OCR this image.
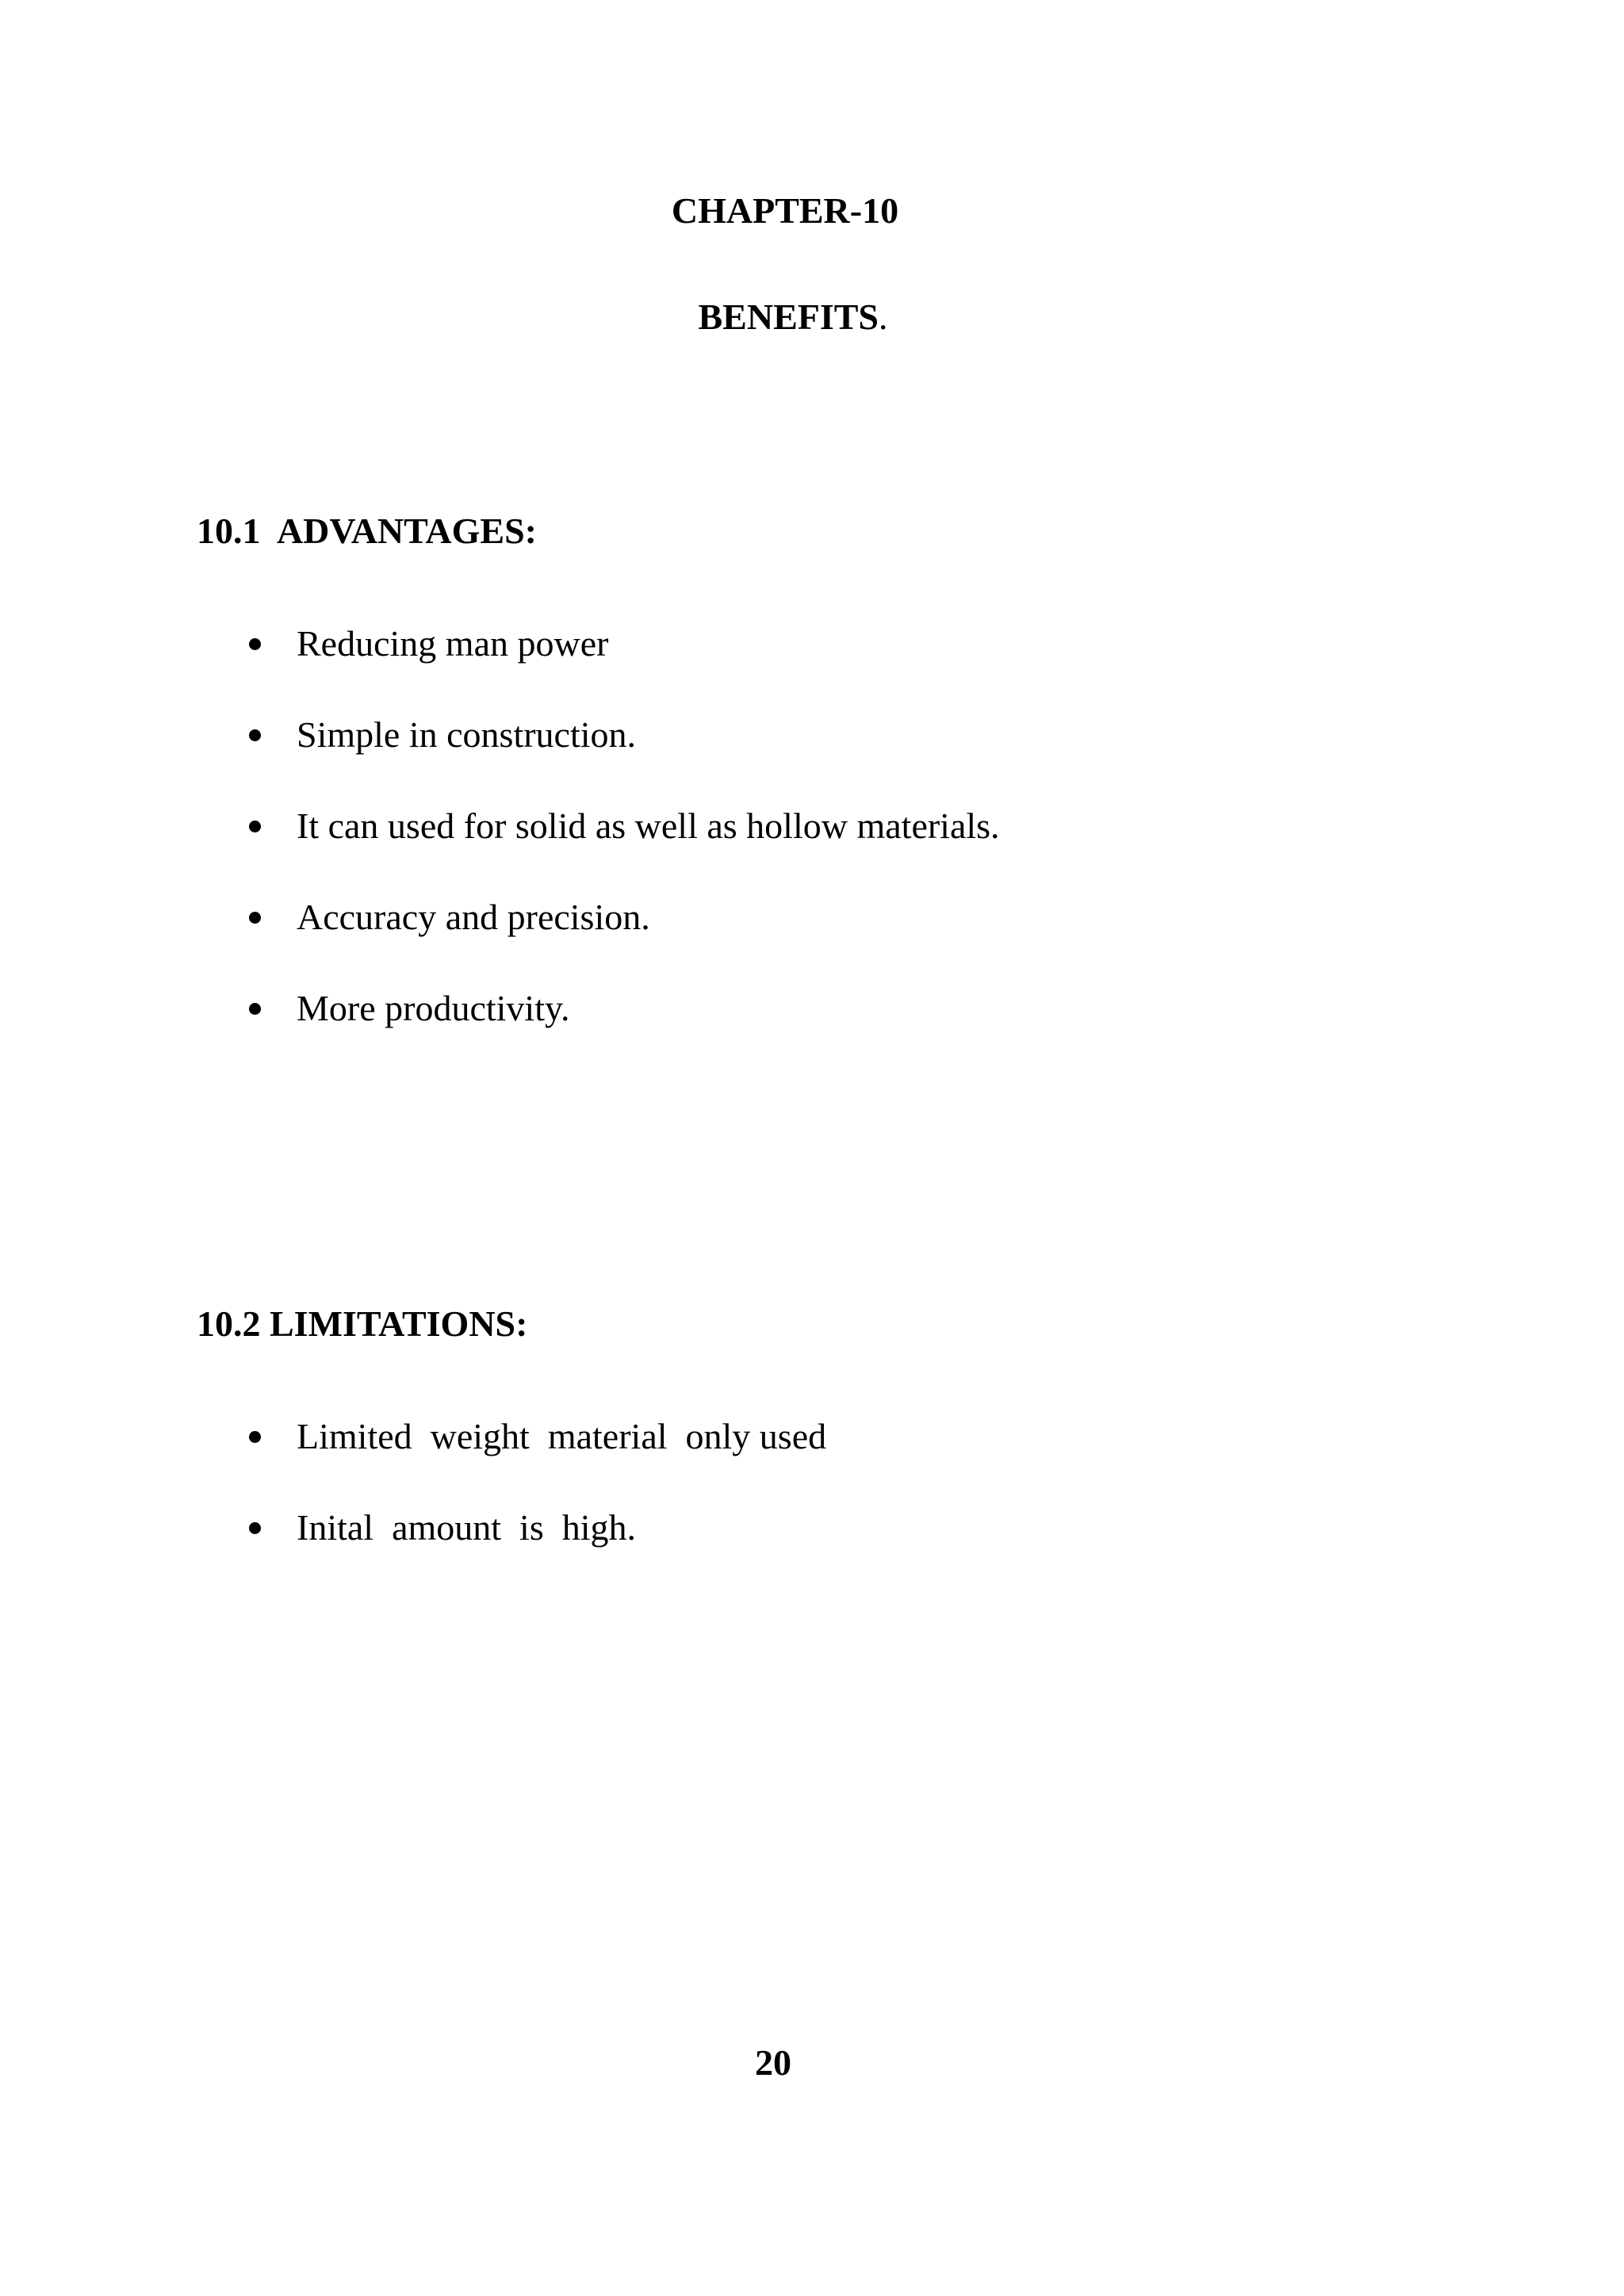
CHAPTER-10
BENEFITS.
10.1  ADVANTAGES:
Reducing man power
Simple in construction.
It can used for solid as well as hollow materials.
Accuracy and precision.
More productivity.
10.2 LIMITATIONS:
Limited  weight  material  only used
Inital  amount  is  high.
20
